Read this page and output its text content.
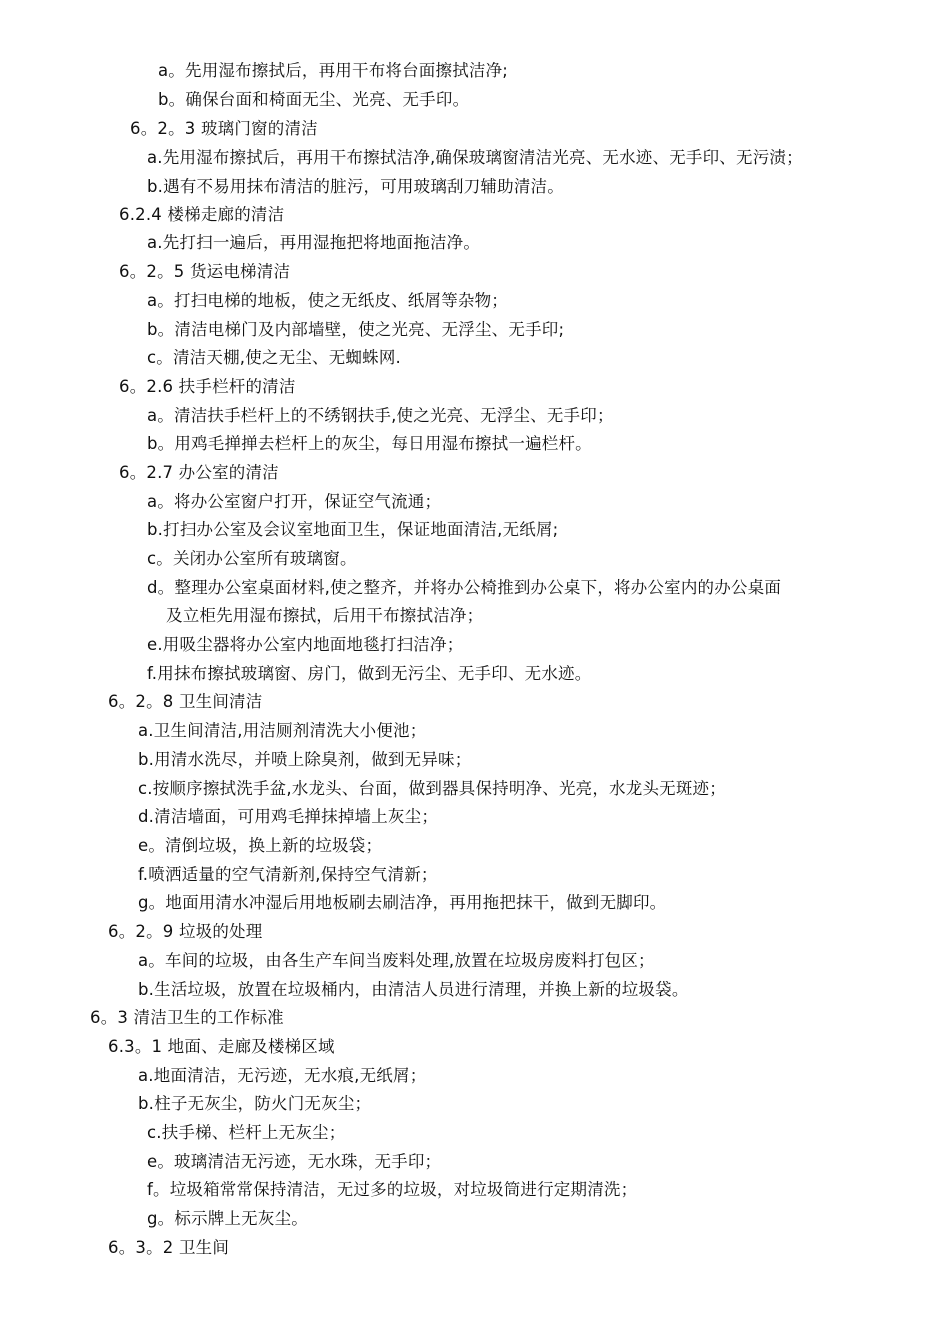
a。先用湿布擦拭后，再用干布将台面擦拭洁净;
b。确保台面和椅面无尘、光亮、无手印。
6。2。3 玻璃门窗的清洁
a.先用湿布擦拭后，再用干布擦拭洁净,确保玻璃窗清洁光亮、无水迹、无手印、无污渍；
b.遇有不易用抹布清洁的脏污，可用玻璃刮刀辅助清洁。
6.2.4 楼梯走廊的清洁
a.先打扫一遍后，再用湿拖把将地面拖洁净。
6。2。5 货运电梯清洁
a。打扫电梯的地板，使之无纸皮、纸屑等杂物；
b。清洁电梯门及内部墙壁，使之光亮、无浮尘、无手印;
c。清洁天棚,使之无尘、无蜘蛛网.
6。2.6 扶手栏杆的清洁
a。清洁扶手栏杆上的不绣钢扶手,使之光亮、无浮尘、无手印；
b。用鸡毛掸掸去栏杆上的灰尘，每日用湿布擦拭一遍栏杆。
6。2.7 办公室的清洁
a。将办公室窗户打开，保证空气流通；
b.打扫办公室及会议室地面卫生，保证地面清洁,无纸屑;
c。关闭办公室所有玻璃窗。
d。整理办公室桌面材料,使之整齐，并将办公椅推到办公桌下，将办公室内的办公桌面
及立柜先用湿布擦拭，后用干布擦拭洁净；
e.用吸尘器将办公室内地面地毯打扫洁净；
f.用抹布擦拭玻璃窗、房门，做到无污尘、无手印、无水迹。
6。2。8 卫生间清洁
a.卫生间清洁,用洁厕剂清洗大小便池；
b.用清水洗尽，并喷上除臭剂，做到无异味；
c.按顺序擦拭洗手盆,水龙头、台面，做到器具保持明净、光亮，水龙头无斑迹；
d.清洁墙面，可用鸡毛掸抹掉墙上灰尘；
e。清倒垃圾，换上新的垃圾袋；
f.喷洒适量的空气清新剂,保持空气清新；
g。地面用清水冲湿后用地板刷去刷洁净，再用拖把抹干，做到无脚印。
6。2。9 垃圾的处理
a。车间的垃圾，由各生产车间当废料处理,放置在垃圾房废料打包区；
b.生活垃圾，放置在垃圾桶内，由清洁人员进行清理，并换上新的垃圾袋。
6。3 清洁卫生的工作标准
6.3。1 地面、走廊及楼梯区域
a.地面清洁，无污迹，无水痕,无纸屑；
b.柱子无灰尘，防火门无灰尘；
c.扶手梯、栏杆上无灰尘；
e。玻璃清洁无污迹，无水珠，无手印；
f。垃圾箱常常保持清洁，无过多的垃圾，对垃圾筒进行定期清洗；
g。标示牌上无灰尘。
6。3。2 卫生间
